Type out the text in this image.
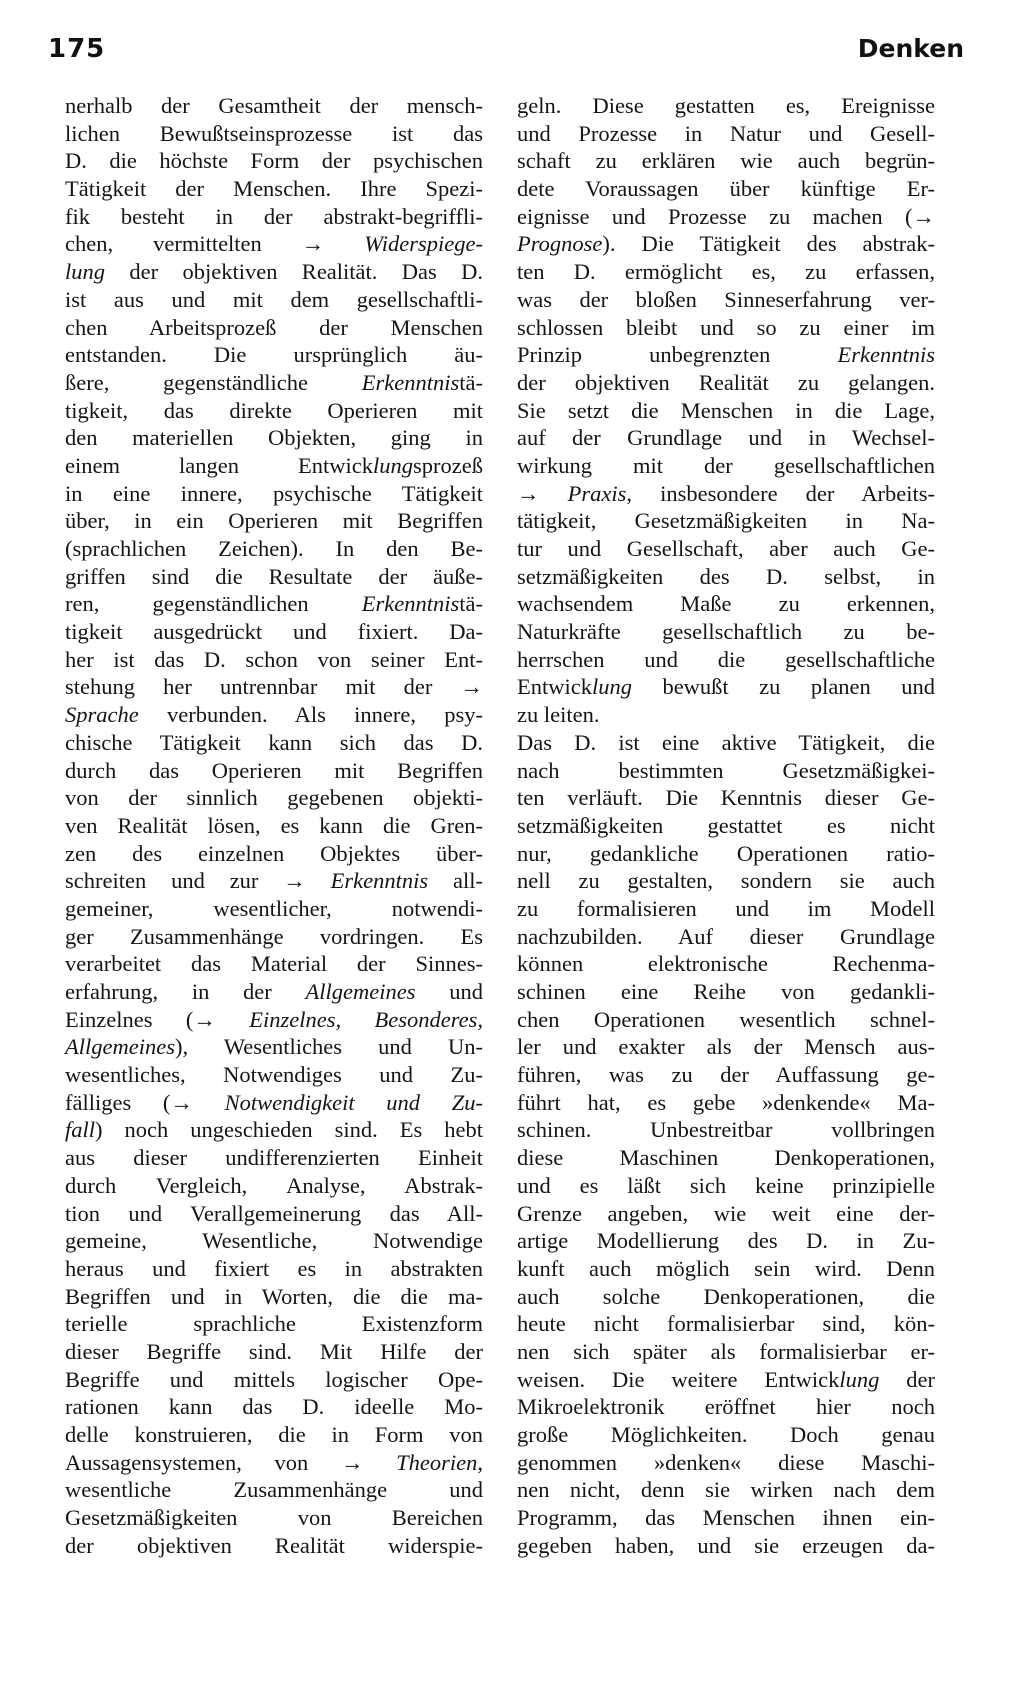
175	Denken
nerhalb der Gesamtheit der mensch-
lichen Bewußtseinsprozesse ist das
D. die höchste Form der psychischen
Tätigkeit der Menschen. Ihre Spezi-
fik besteht in der abstrakt-begriffli-
chen, vermittelten → Widerspiege-
lung der objektiven Realität. Das D.
ist aus und mit dem gesellschaftli-
chen Arbeitsprozeß der Menschen
entstanden. Die ursprünglich äu-
ßere, gegenständliche Erkenntnistä-
tigkeit, das direkte Operieren mit
den materiellen Objekten, ging in
einem langen Entwicklungsprozeß
in eine innere, psychische Tätigkeit
über, in ein Operieren mit Begriffen
(sprachlichen Zeichen). In den Be-
griffen sind die Resultate der äuße-
ren, gegenständlichen Erkenntnistä-
tigkeit ausgedrückt und fixiert. Da-
her ist das D. schon von seiner Ent-
stehung her untrennbar mit der →
Sprache verbunden. Als innere, psy-
chische Tätigkeit kann sich das D.
durch das Operieren mit Begriffen
von der sinnlich gegebenen objekti-
ven Realität lösen, es kann die Gren-
zen des einzelnen Objektes über-
schreiten und zur → Erkenntnis all-
gemeiner, wesentlicher, notwendi-
ger Zusammenhänge vordringen. Es
verarbeitet das Material der Sinnes-
erfahrung, in der Allgemeines und
Einzelnes (→ Einzelnes, Besonderes,
Allgemeines), Wesentliches und Un-
wesentliches, Notwendiges und Zu-
fälliges (→ Notwendigkeit und Zu-
fall) noch ungeschieden sind. Es hebt
aus dieser undifferenzierten Einheit
durch Vergleich, Analyse, Abstrak-
tion und Verallgemeinerung das All-
gemeine, Wesentliche, Notwendige
heraus und fixiert es in abstrakten
Begriffen und in Worten, die die ma-
terielle sprachliche Existenzform
dieser Begriffe sind. Mit Hilfe der
Begriffe und mittels logischer Ope-
rationen kann das D. ideelle Mo-
delle konstruieren, die in Form von
Aussagensystemen, von → Theorien,
wesentliche Zusammenhänge und
Gesetzmäßigkeiten von Bereichen
der objektiven Realität widerspie-
geln. Diese gestatten es, Ereignisse
und Prozesse in Natur und Gesell-
schaft zu erklären wie auch begrün-
dete Voraussagen über künftige Er-
eignisse und Prozesse zu machen (→
Prognose). Die Tätigkeit des abstrak-
ten D. ermöglicht es, zu erfassen,
was der bloßen Sinneserfahrung ver-
schlossen bleibt und so zu einer im
Prinzip unbegrenzten Erkenntnis
der objektiven Realität zu gelangen.
Sie setzt die Menschen in die Lage,
auf der Grundlage und in Wechsel-
wirkung mit der gesellschaftlichen
→ Praxis, insbesondere der Arbeits-
tätigkeit, Gesetzmäßigkeiten in Na-
tur und Gesellschaft, aber auch Ge-
setzmäßigkeiten des D. selbst, in
wachsendem Maße zu erkennen,
Naturkräfte gesellschaftlich zu be-
herrschen und die gesellschaftliche
Entwicklung bewußt zu planen und
zu leiten.
Das D. ist eine aktive Tätigkeit, die
nach bestimmten Gesetzmäßigkei-
ten verläuft. Die Kenntnis dieser Ge-
setzmäßigkeiten gestattet es nicht
nur, gedankliche Operationen ratio-
nell zu gestalten, sondern sie auch
zu formalisieren und im Modell
nachzubilden. Auf dieser Grundlage
können elektronische Rechenma-
schinen eine Reihe von gedankli-
chen Operationen wesentlich schnel-
ler und exakter als der Mensch aus-
führen, was zu der Auffassung ge-
führt hat, es gebe »denkende« Ma-
schinen. Unbestreitbar vollbringen
diese Maschinen Denkoperationen,
und es läßt sich keine prinzipielle
Grenze angeben, wie weit eine der-
artige Modellierung des D. in Zu-
kunft auch möglich sein wird. Denn
auch solche Denkoperationen, die
heute nicht formalisierbar sind, kön-
nen sich später als formalisierbar er-
weisen. Die weitere Entwicklung der
Mikroelektronik eröffnet hier noch
große Möglichkeiten. Doch genau
genommen »denken« diese Maschi-
nen nicht, denn sie wirken nach dem
Programm, das Menschen ihnen ein-
gegeben haben, und sie erzeugen da-
